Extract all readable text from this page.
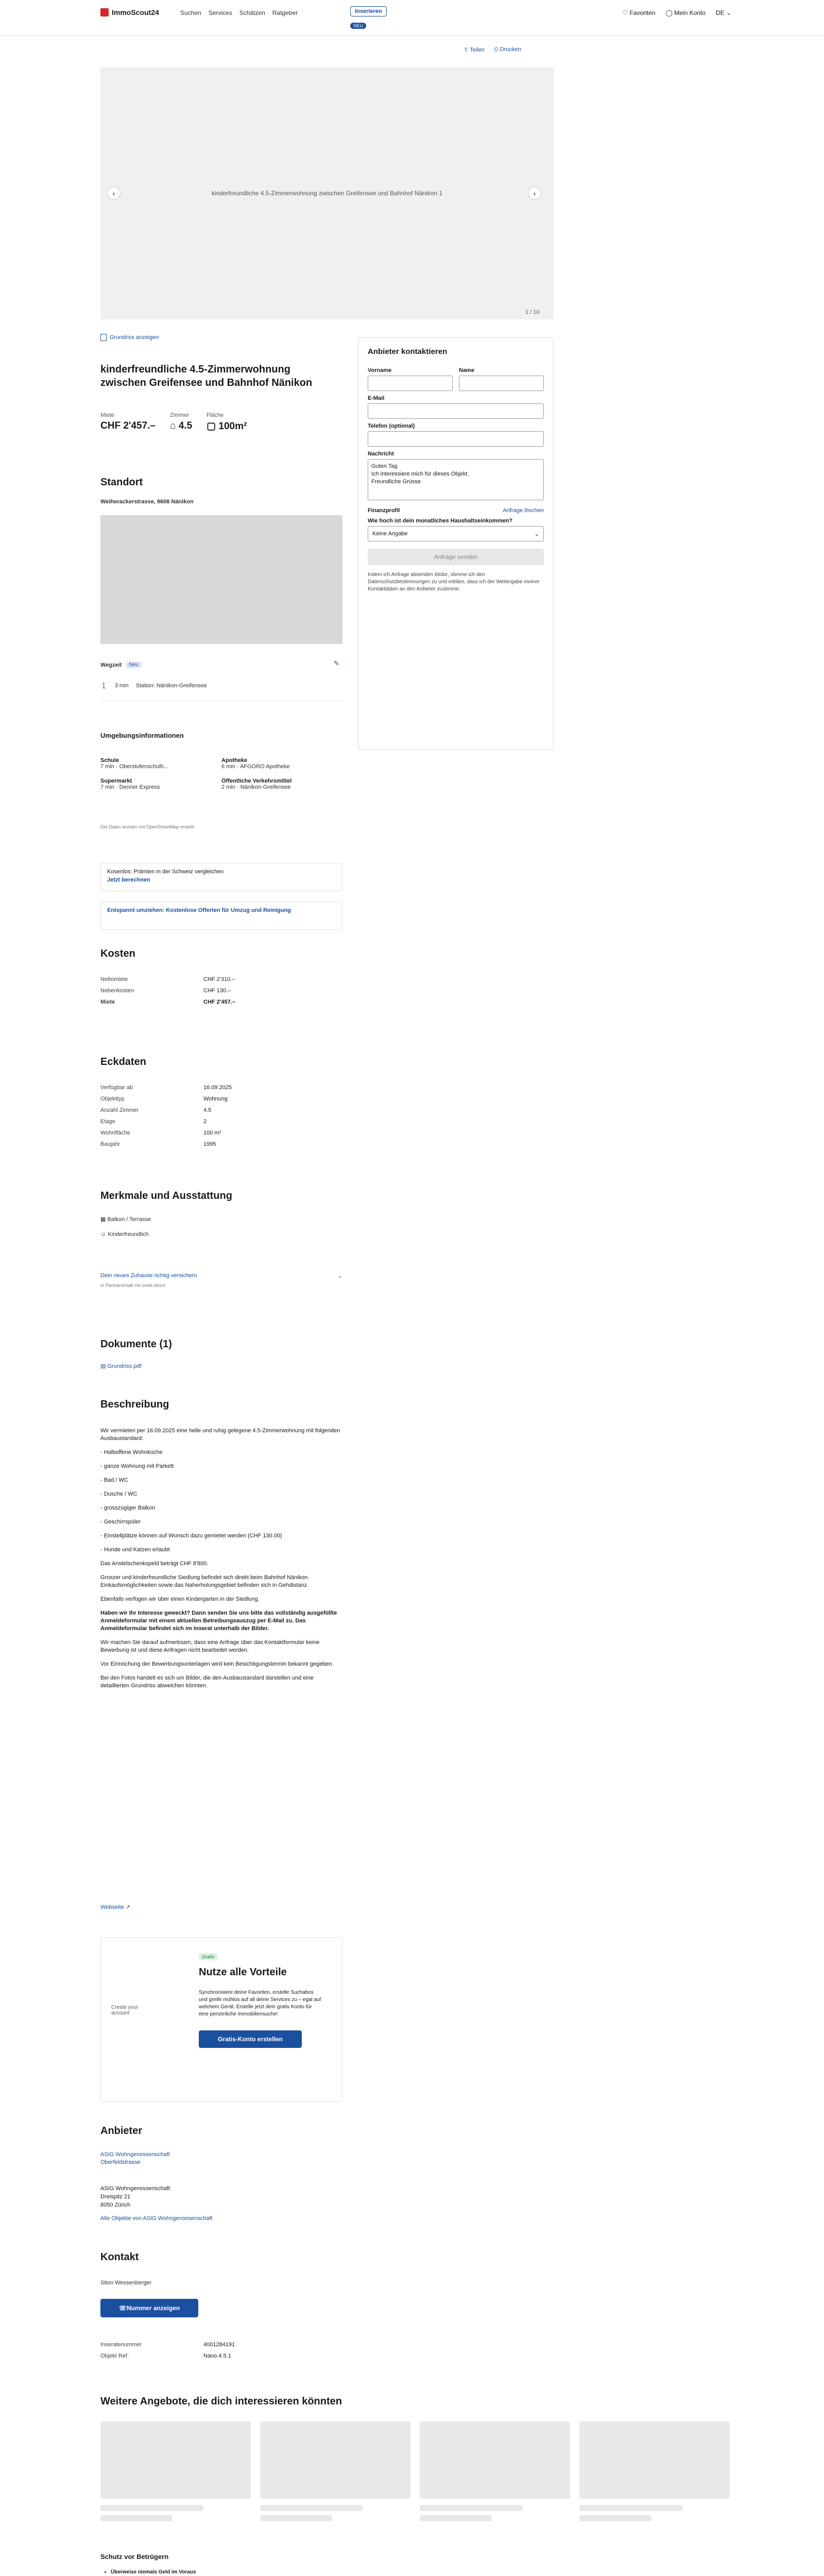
ImmoScout24	Suchen Services Schätzen Ratgeber	Inserieren
NEU
♡ Favoriten ◯ Mein Konto DE ⌄
⇪ Teilen ⎙ Drucken
kinderfreundliche 4.5-Zimmerwohnung zwischen Greifensee und Bahnhof Nänikon 1
‹	›
1 / 10
Grundriss anzeigen
kinderfreundliche 4.5-Zimmerwohnung zwischen Greifensee und Bahnhof Nänikon
Miete
CHF 2'457.–
Zimmer
⌂ 4.5
Fläche
▢ 100m²
Anbieter kontaktieren
Vorname	Name
E-Mail
Telefon (optional)
Nachricht
Guten Tag
Ich interessiere mich für dieses Objekt.
Freundliche Grüsse
Finanzprofil	Anfrage löschen
Wie hoch ist dein monatliches Haushaltseinkommen?
Keine Angabe	⌄
Anfrage senden
Indem ich Anfrage absenden klicke, stimme ich den Datenschutzbestimmungen zu und erkläre, dass ich der Weitergabe meiner Kontaktdaten an den Anbieter zustimme.
Standort
Weiherackerstrasse, 8606 Nänikon
Wegzeit	Neu
🚶 3 min Station: Nänikon-Greifensee
✎
Umgebungsinformationen
Schule
7 min · Oberstufenschulh...
Apotheke
6 min · AFGORO Apotheke
Supermarkt
7 min · Denner Express
Öffentliche Verkehrsmittel
2 min · Nänikon-Greifensee
Die Daten wurden mit OpenStreetMap erstellt
Kosenlos: Prämien in der Schweiz vergleichen
Jetzt berechnen
Entspannt umziehen: Kostenlose Offerten für Umzug und Reinigung
Kosten
Nettomiete	CHF 2'310.–
Nebenkosten	CHF 130.–
Miete	CHF 2'457.–
Eckdaten
Verfügbar ab	16.09.2025
Objekttyp	Wohnung
Anzahl Zimmer	4.5
Etage	2
Wohnfläche	100 m²
Baujahr	1995
Merkmale und Ausstattung
▦ Balkon / Terrasse
☺ Kinderfreundlich
Dein neues Zuhause richtig versichern	⌄
In Partnerschaft mit smile.direct
Dokumente (1)
▤ Grundriss.pdf
Beschreibung

Wir vermieten per 16.09.2025 eine helle und ruhig gelegene 4.5-Zimmerwohnung mit folgenden Ausbaustandard:

- Halboffene Wohnküche

- ganze Wohnung mit Parkett

- Bad / WC

- Dusche / WC

- grosszügiger Balkon

- Geschirrspüler

- Einstellplätze können auf Wunsch dazu gemietet werden (CHF 130.00)

- Hunde und Katzen erlaubt

Das Anstelschenkspeld beträgt CHF 8'800.

Groszer und kinderfreundliche Siedlung befindet sich direkt beim Bahnhof Nänikon. Einkaufsmöglichkeiten sowie das Naherholungsgebiet befinden sich in Gehdistanz.

Ebenfalls verfügen wir über einen Kindergarten in der Siedlung.

Haben wir Ihr Interesse geweckt? Dann senden Sie uns bitte das vollständig ausgefüllte Anmeldeformular mit einem aktuellen Betreibungsauszug per E-Mail zu. Das Anmeldeformular befindet sich im Inserat unterhalb der Bilder.

Wir machen Sie darauf aufmerksam, dass eine Anfrage über das Kontaktformular keine Bewerbung ist und diese Anfragen nicht bearbeitet werden.

Vor Einreichung der Bewerbungsunterlagen wird kein Besichtigungstermin bekannt gegeben.

Bei den Fotos handelt es sich um Bilder, die den Ausbaustandard darstellen und eine detaillierten Grundriss abweichen könnten.

Webseite ↗
Create your account
Gratis
Nutze alle Vorteile
Synchronisiere deine Favoriten, erstelle Suchabos und greife mühlos auf all deine Services zu – egal auf welchem Gerät. Erstelle jetzt dein gratis Konto für eine persönliche Immobiliensuche!
Gratis-Konto erstellen
Anbieter
ASIG Wohngenossenschaft
Oberfeldstrasse
ASIG Wohngenossenschaft
Dreispitz 21
8050 Zürich
Alle Objekte von ASIG Wohngenossenschaft
Kontakt
Siton Wessenberger
☏ Nummer anzeigen
Inseratenummer	4001284191
Objekt Ref.	Nano.4.5.1
Weitere Angebote, die dich interessieren könnten
Schutz vor Betrügern
• Überweise niemals Geld im Voraus
